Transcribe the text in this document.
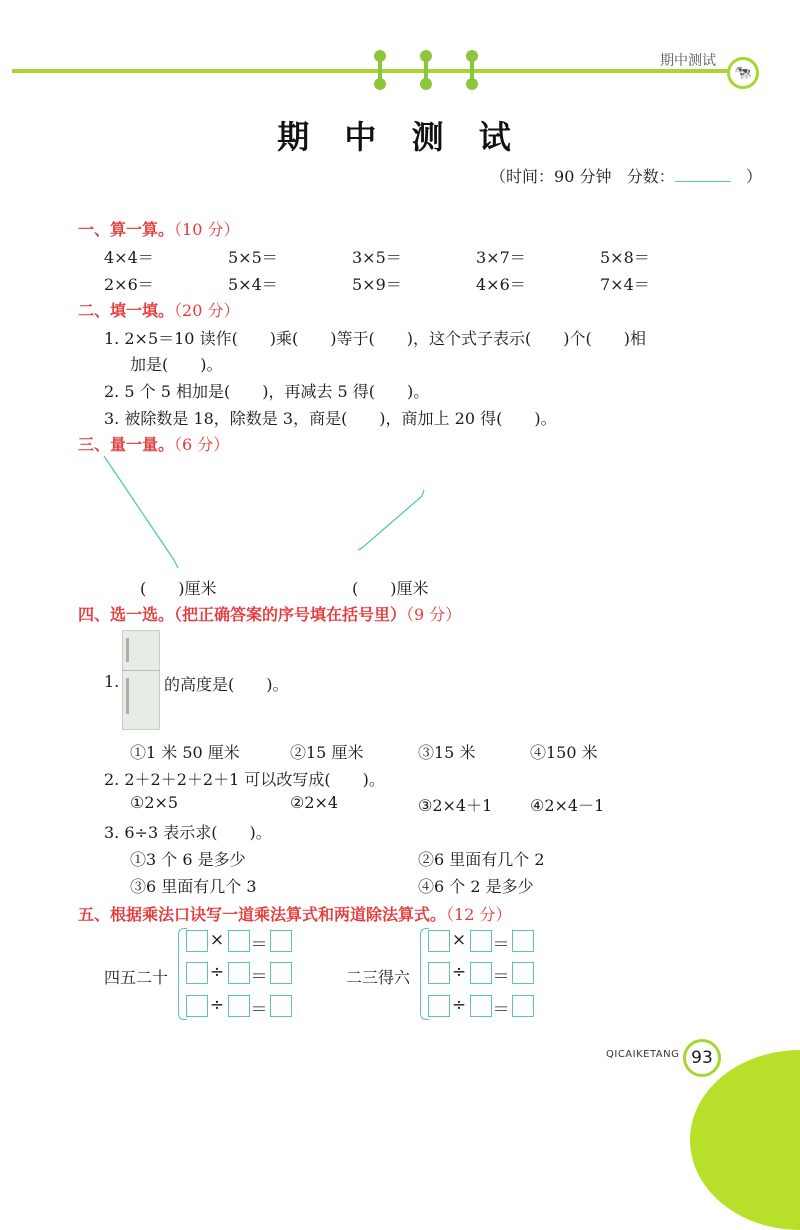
期中测试
🐄
期 中 测 试
（时间：90 分钟 分数：	）
一、算一算。（10 分）
4×4＝	5×5＝	3×5＝	3×7＝	5×8＝
2×6＝	5×4＝	5×9＝	4×6＝	7×4＝
二、填一填。（20 分）
1. 2×5＝10 读作(　　)乘(　　)等于(　　)，这个式子表示(　　)个(　　)相
加是(　　)。
2. 5 个 5 相加是(　　)，再减去 5 得(　　)。
3. 被除数是 18，除数是 3，商是(　　)，商加上 20 得(　　)。
三、量一量。（6 分）
(　　)厘米	(　　)厘米
四、选一选。（把正确答案的序号填在括号里）（9 分）
1.	的高度是(　　)。
①1 米 50 厘米	②15 厘米	③15 米	④150 米
2. 2＋2＋2＋2＋1 可以改写成(　　)。
①2×5	②2×4	③2×4＋1 ④2×4－1
3. 6÷3 表示求(　　)。
①3 个 6 是多少	②6 里面有几个 2
③6 里面有几个 3	④6 个 2 是多少
五、根据乘法口诀写一道乘法算式和两道除法算式。（12 分）
四五二十
× ＝
÷ ＝
÷ ＝
二三得六
× ＝
÷ ＝
÷ ＝
QICAIKETANG 93
